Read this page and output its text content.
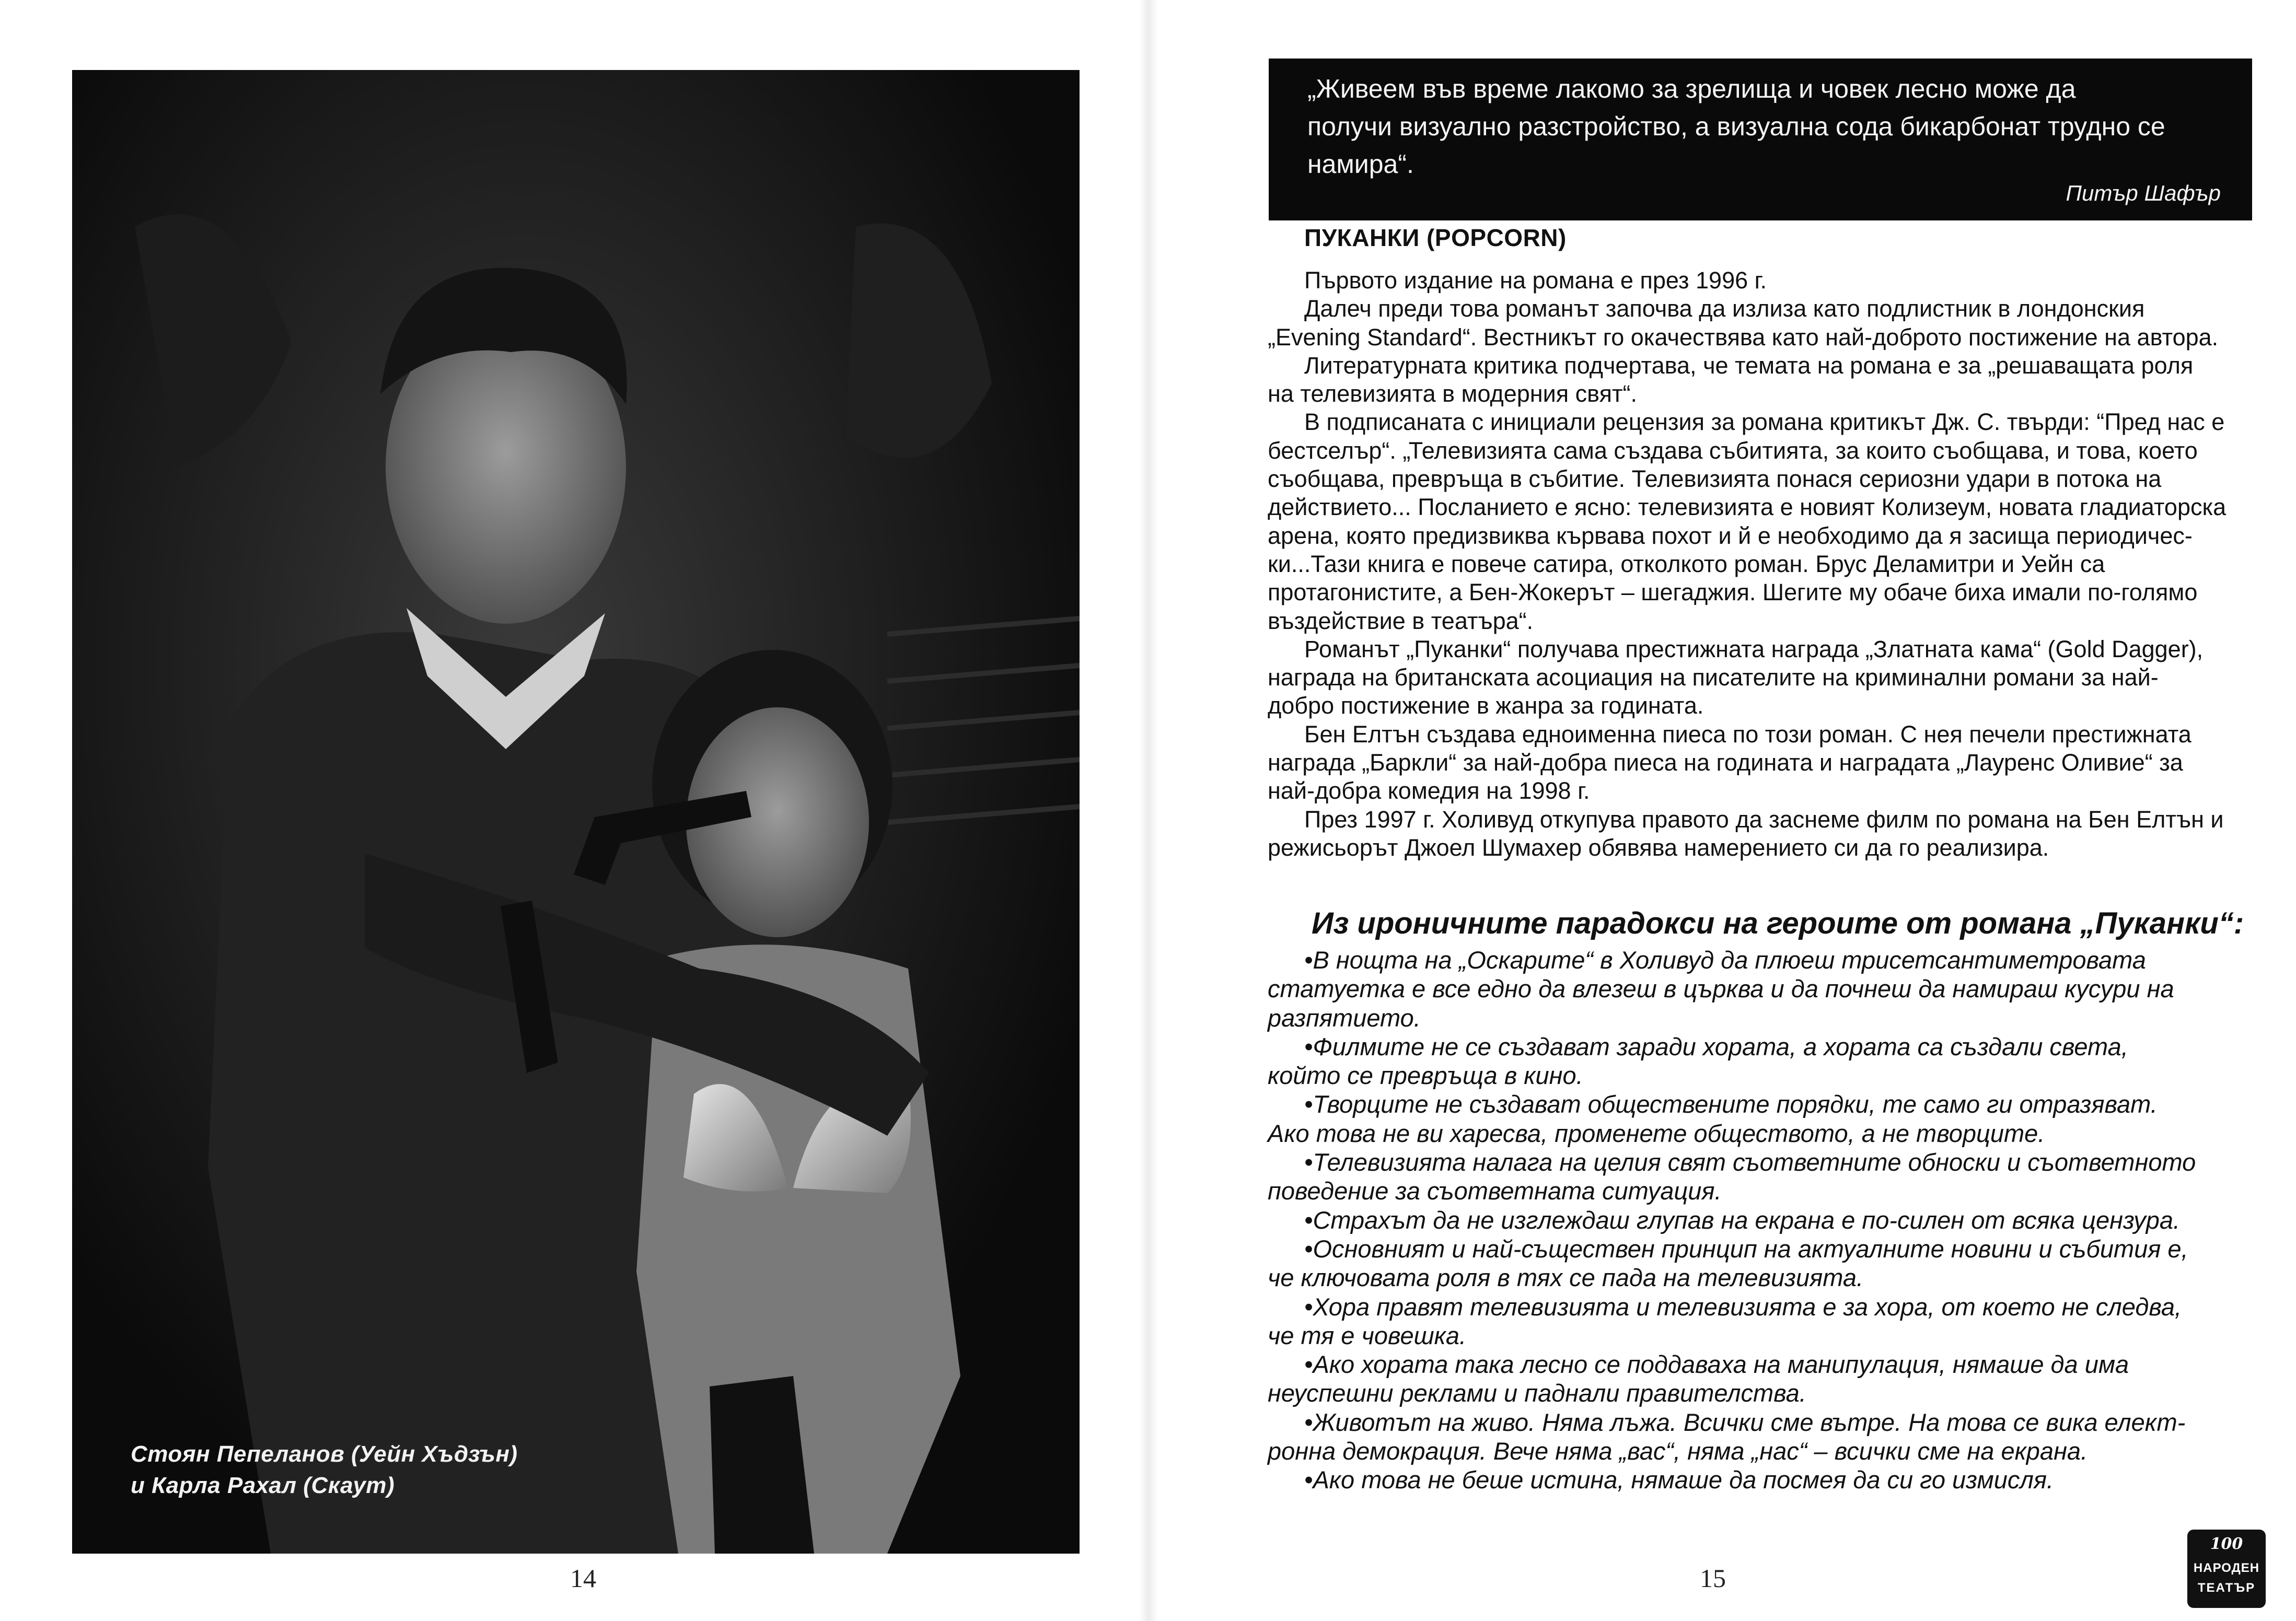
Стоян Пепеланов (Уейн Хъдзън)
и Карла Рахал (Скаут)
14
„Живеем във време лакомо за зрелища и човек лесно може да
получи визуално разстройство, а визуална сода бикарбонат трудно се
намира“.
Питър Шафър
ПУКАНКИ (POPCORN)
Първото издание на романа е през 1996 г.
Далеч преди това романът започва да излиза като подлистник в лондонския
„Evening Standard“. Вестникът го окачествява като най-доброто постижение на автора.
Литературната критика подчертава, че темата на романа е за „решаващата роля
на телевизията в модерния свят“.
В подписаната с инициали рецензия за романа критикът Дж. С. твърди: “Пред нас е
бестселър“. „Телевизията сама създава събитията, за които съобщава, и това, което
съобщава, превръща в събитие. Телевизията понася сериозни удари в потока на
действието... Посланието е ясно: телевизията е новият Колизеум, новата гладиаторска
арена, която предизвиква кървава похот и й е необходимо да я засища периодичес-
ки...Тази книга е повече сатира, отколкото роман. Брус Деламитри и Уейн са
протагонистите, а Бен-Жокерът – шегаджия. Шегите му обаче биха имали по-голямо
въздействие в театъра“.
Романът „Пуканки“ получава престижната награда „Златната кама“ (Gold Dagger),
награда на британската асоциация на писателите на криминални романи за най-
добро постижение в жанра за годината.
Бен Елтън създава едноименна пиеса по този роман. С нея печели престижната
награда „Баркли“ за най-добра пиеса на годината и наградата „Лауренс Оливие“ за
най-добра комедия на 1998 г.
През 1997 г. Холивуд откупува правото да заснеме филм по романа на Бен Елтън и
режисьорът Джоел Шумахер обявява намерението си да го реализира.
Из ироничните парадокси на героите от романа „Пуканки“:
•В нощта на „Оскарите“ в Холивуд да плюеш трисетсантиметровата
статуетка е все едно да влезеш в църква и да почнеш да намираш кусури на
разпятието.
•Филмите не се създават заради хората, а хората са създали света,
който се превръща в кино.
•Творците не създават обществените порядки, те само ги отразяват.
Ако това не ви харесва, променете обществото, а не творците.
•Телевизията налага на целия свят съответните обноски и съответното
поведение за съответната ситуация.
•Страхът да не изглеждаш глупав на екрана е по-силен от всяка цензура.
•Основният и най-съществен принцип на актуалните новини и събития е,
че ключовата роля в тях се пада на телевизията.
•Хора правят телевизията и телевизията е за хора, от което не следва,
че тя е човешка.
•Ако хората така лесно се поддаваха на манипулация, нямаше да има
неуспешни реклами и паднали правителства.
•Животът на живо. Няма лъжа. Всички сме вътре. На това се вика елект-
ронна демокрация. Вече няма „вас“, няма „нас“ – всички сме на екрана.
•Ако това не беше истина, нямаше да посмея да си го измисля.
15
100
НАРОДЕН
ТЕАТЪР
